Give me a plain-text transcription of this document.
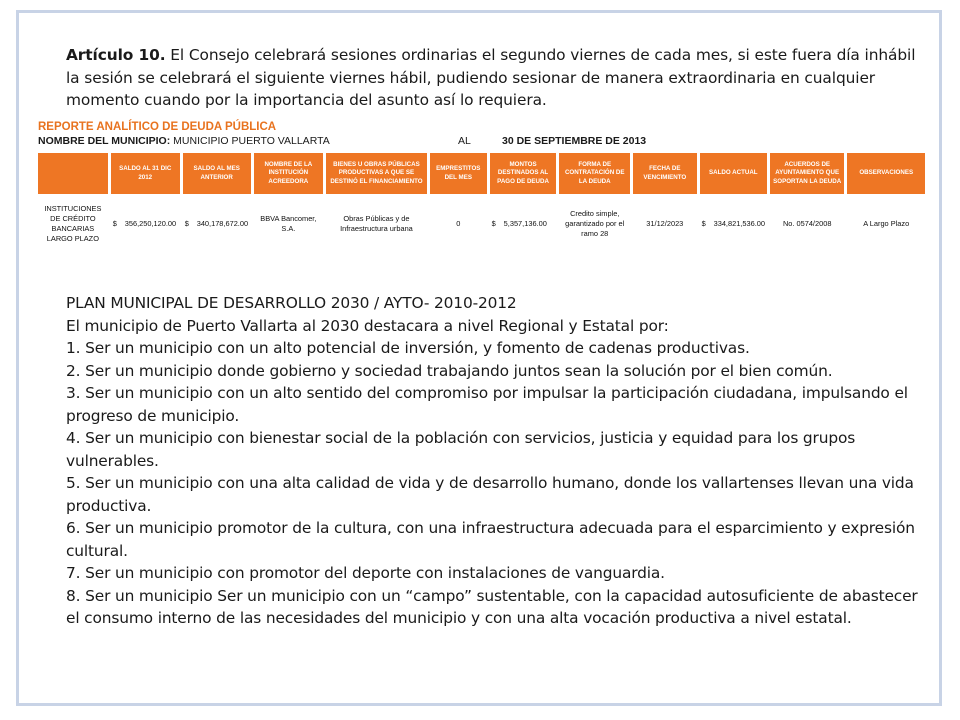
Artículo 10. El Consejo celebrará sesiones ordinarias el segundo viernes de cada mes, si este fuera día inhábil la sesión se celebrará el siguiente viernes hábil, pudiendo sesionar de manera extraordinaria en cualquier momento cuando por la importancia del asunto así lo requiera.
REPORTE ANALÍTICO DE DEUDA PÚBLICA
NOMBRE DEL MUNICIPIO: MUNICIPIO PUERTO VALLARTA	AL	30 DE SEPTIEMBRE DE 2013
	SALDO AL 31 DIC 2012	SALDO AL MES ANTERIOR	NOMBRE DE LA INSTITUCIÓN ACREEDORA	BIENES U OBRAS PÚBLICAS PRODUCTIVAS A QUE SE DESTINÓ EL FINANCIAMIENTO	EMPRESTITOS DEL MES	MONTOS DESTINADOS AL PAGO DE DEUDA	FORMA DE CONTRATACIÓN DE LA DEUDA	FECHA DE VENCIMIENTO	SALDO ACTUAL	ACUERDOS DE AYUNTAMIENTO QUE SOPORTAN LA DEUDA	OBSERVACIONES
INSTITUCIONES DE CRÉDITO BANCARIAS LARGO PLAZO	$ 356,250,120.00	$ 340,178,672.00	BBVA Bancomer, S.A.	Obras Públicas y de Infraestructura urbana	0	$ 5,357,136.00	Credito simple, garantizado por el ramo 28	31/12/2023	$ 334,821,536.00	No. 0574/2008	A Largo Plazo

PLAN MUNICIPAL DE DESARROLLO 2030 / AYTO- 2010-2012

El municipio de Puerto Vallarta al 2030 destacara a nivel Regional y Estatal por:

1. Ser un municipio con un alto potencial de inversión, y fomento de cadenas productivas.

2. Ser un municipio donde gobierno y sociedad trabajando juntos sean la solución por el bien común.

3. Ser un municipio con un alto sentido del compromiso por impulsar la participación ciudadana, impulsando el progreso de municipio.

4. Ser un municipio con bienestar social de la población con servicios, justicia y equidad para los grupos vulnerables.

5. Ser un municipio con una alta calidad de vida y de desarrollo humano, donde los vallartenses llevan una vida productiva.

6. Ser un municipio promotor de la cultura, con una infraestructura adecuada para el esparcimiento y expresión cultural.

7. Ser un municipio con promotor del deporte con instalaciones de vanguardia.

8. Ser un municipio Ser un municipio con un “campo” sustentable, con la capacidad autosuficiente de abastecer el consumo interno de las necesidades del municipio y con una alta vocación productiva a nivel estatal.
